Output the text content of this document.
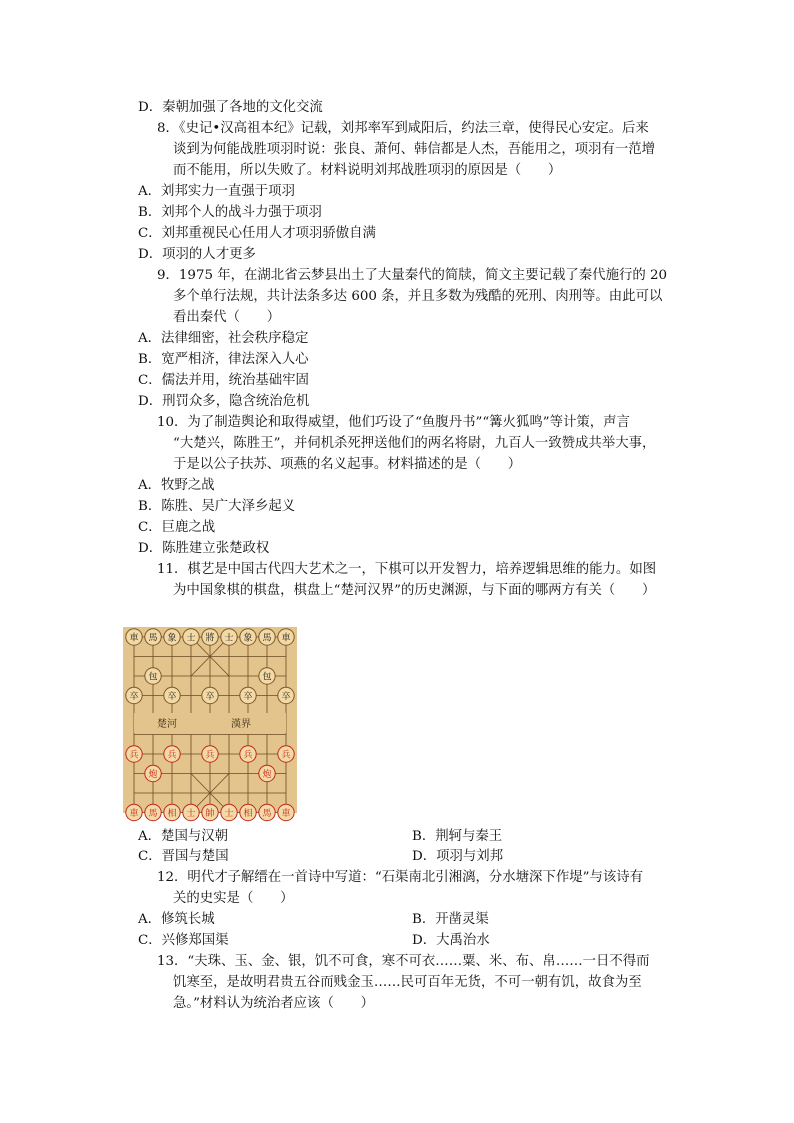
D．秦朝加强了各地的文化交流
8．《史记•汉高祖本纪》记载，刘邦率军到咸阳后，约法三章，使得民心安定。后来
谈到为何能战胜项羽时说：张良、萧何、韩信都是人杰，吾能用之，项羽有一范增
而不能用，所以失败了。材料说明刘邦战胜项羽的原因是（　　）
A．刘邦实力一直强于项羽
B．刘邦个人的战斗力强于项羽
C．刘邦重视民心任用人才项羽骄傲自满
D．项羽的人才更多
9．1975 年，在湖北省云梦县出土了大量秦代的简牍，简文主要记载了秦代施行的 20
多个单行法规，共计法条多达 600 条，并且多数为残酷的死刑、肉刑等。由此可以
看出秦代（　　）
A．法律细密，社会秩序稳定
B．宽严相济，律法深入人心
C．儒法并用，统治基础牢固
D．刑罚众多，隐含统治危机
10．为了制造舆论和取得威望，他们巧设了“鱼腹丹书”“篝火狐鸣”等计策，声言
“大楚兴，陈胜王”，并伺机杀死押送他们的两名将尉，九百人一致赞成共举大事，
于是以公子扶苏、项燕的名义起事。材料描述的是（　　）
A．牧野之战
B．陈胜、吴广大泽乡起义
C．巨鹿之战
D．陈胜建立张楚政权
11．棋艺是中国古代四大艺术之一，下棋可以开发智力，培养逻辑思维的能力。如图
为中国象棋的棋盘，棋盘上“楚河汉界”的历史渊源，与下面的哪两方有关（　　）
楚河	漢界
車 馬 象 士 將 士 象 馬 車
包	包
卒	卒	卒	卒	卒
兵	兵	兵	兵	兵
炮	炮
車 馬 相 士 帥 士 相 馬 車
A．楚国与汉朝	B．荆轲与秦王
C．晋国与楚国	D．项羽与刘邦
12．明代才子解缙在一首诗中写道：“石渠南北引湘漓，分水塘深下作堤”与该诗有
关的史实是（　　）
A．修筑长城	B．开凿灵渠
C．兴修郑国渠	D．大禹治水
13．“夫珠、玉、金、银，饥不可食，寒不可衣……粟、米、布、帛……一日不得而
饥寒至，是故明君贵五谷而贱金玉……民可百年无货，不可一朝有饥，故食为至
急。”材料认为统治者应该（　　）
